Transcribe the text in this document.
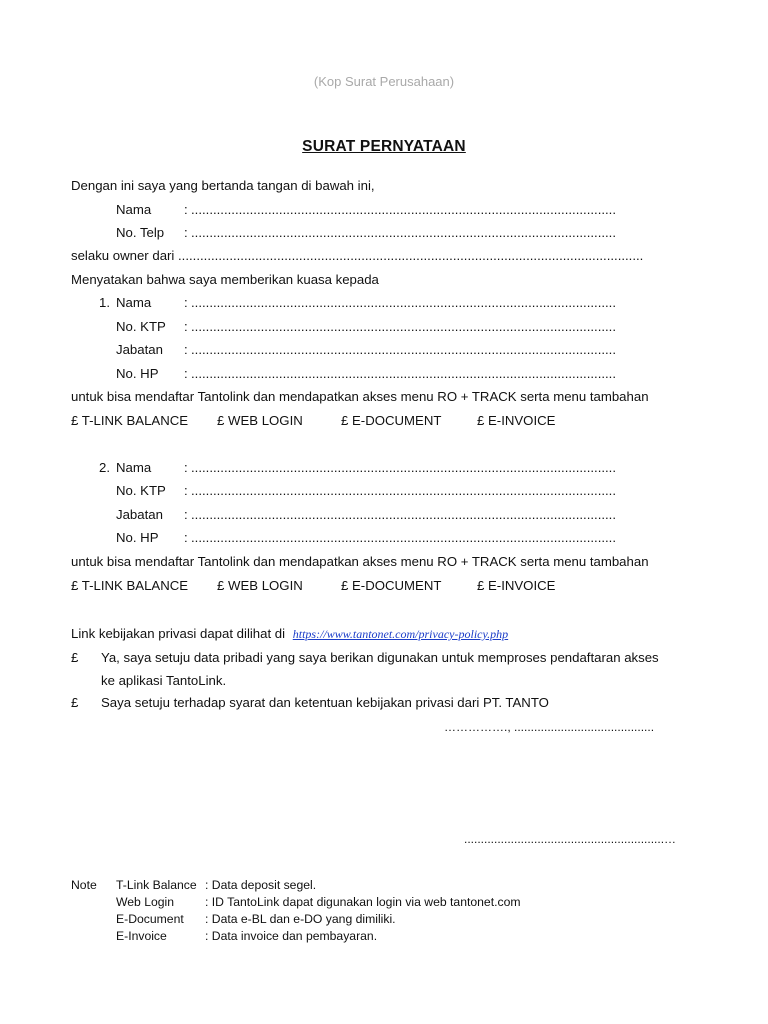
(Kop Surat Perusahaan)
SURAT PERNYATAAN
Dengan ini saya yang bertanda tangan di bawah ini,
Nama : ....................................................................................................................
No. Telp : ....................................................................................................................
selaku owner dari ...............................................................................................................................
Menyatakan bahwa saya memberikan kuasa kepada
1. Nama : ....................................................................................................................
No. KTP : ....................................................................................................................
Jabatan : ....................................................................................................................
No. HP : ....................................................................................................................
untuk bisa mendaftar Tantolink dan mendapatkan akses menu RO + TRACK serta menu tambahan
£ T-LINK BALANCE £ WEB LOGIN	£ E-DOCUMENT	£ E-INVOICE
2. Nama : ....................................................................................................................
No. KTP : ....................................................................................................................
Jabatan : ....................................................................................................................
No. HP : ....................................................................................................................
untuk bisa mendaftar Tantolink dan mendapatkan akses menu RO + TRACK serta menu tambahan
£ T-LINK BALANCE £ WEB LOGIN	£ E-DOCUMENT	£ E-INVOICE
Link kebijakan privasi dapat dilihat di https://www.tantonet.com/privacy-policy.php
£ Ya, saya setuju data pribadi yang saya berikan digunakan untuk memproses pendaftaran akses
ke aplikasi TantoLink.
£ Saya setuju terhadap syarat dan ketentuan kebijakan privasi dari PT. TANTO
……………., ..........................................
............................................................…
Note T-Link Balance : Data deposit segel.
Web Login	: ID TantoLink dapat digunakan login via web tantonet.com
E-Document : Data e-BL dan e-DO yang dimiliki.
E-Invoice	: Data invoice dan pembayaran.
